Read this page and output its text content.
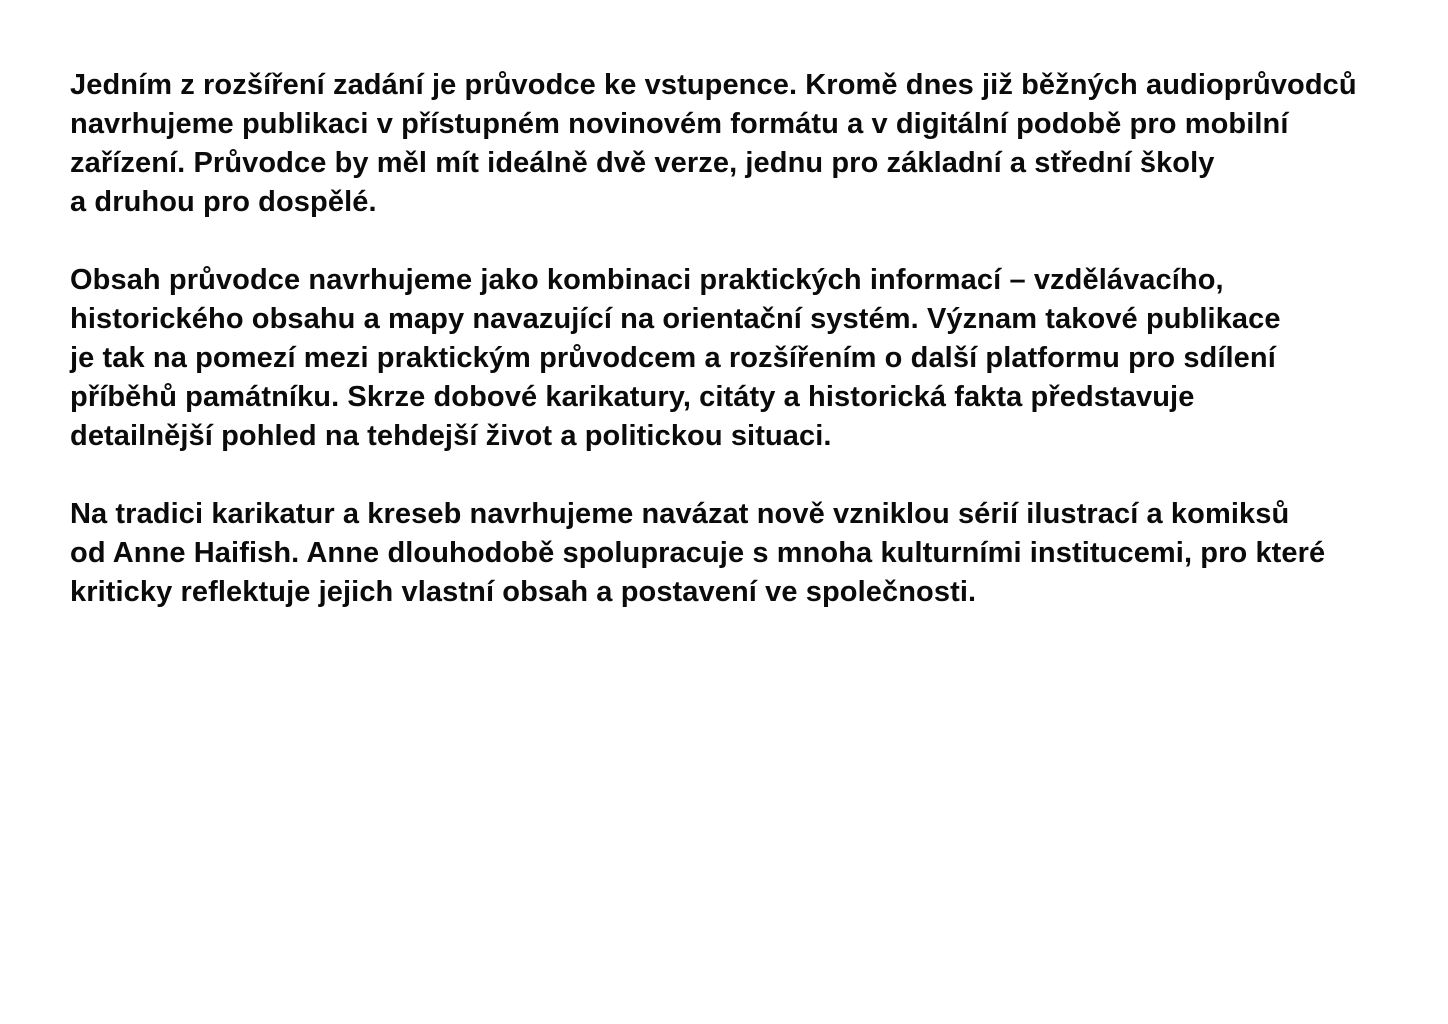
Jedním z rozšíření zadání je průvodce ke vstupence. Kromě dnes již běžných audioprůvodců
navrhujeme publikaci v přístupném novinovém formátu a v digitální podobě pro mobilní
zařízení. Průvodce by měl mít ideálně dvě verze, jednu pro základní a střední školy
a druhou pro dospělé.
Obsah průvodce navrhujeme jako kombinaci praktických informací – vzdělávacího,
historického obsahu a mapy navazující na orientační systém. Význam takové publikace
je tak na pomezí mezi praktickým průvodcem a rozšířením o další platformu pro sdílení
příběhů památníku. Skrze dobové karikatury, citáty a historická fakta představuje
detailnější pohled na tehdejší život a politickou situaci.
Na tradici karikatur a kreseb navrhujeme navázat nově vzniklou sérií ilustrací a komiksů
od Anne Haifish. Anne dlouhodobě spolupracuje s mnoha kulturními institucemi, pro které
kriticky reflektuje jejich vlastní obsah a postavení ve společnosti.
